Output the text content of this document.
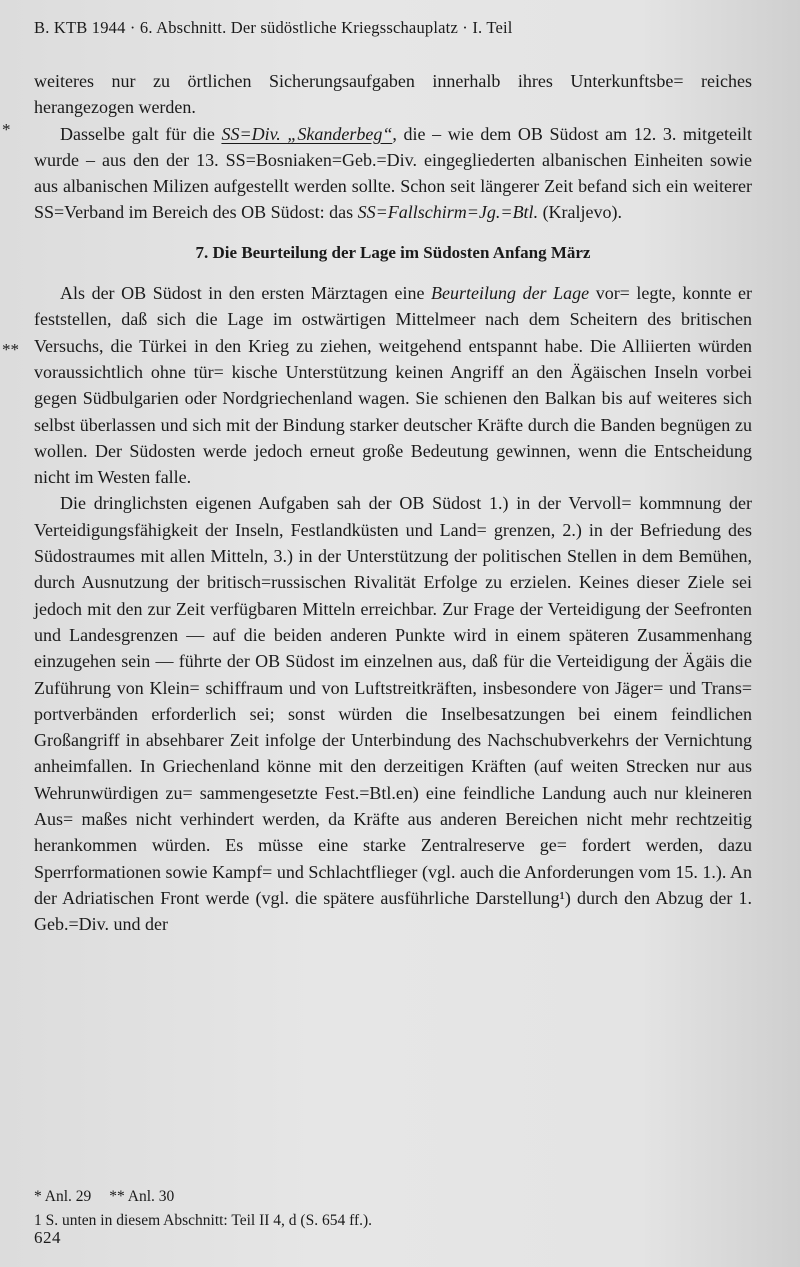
B. KTB 1944 · 6. Abschnitt. Der südöstliche Kriegsschauplatz · I. Teil
*
**

weiteres nur zu örtlichen Sicherungsaufgaben innerhalb ihres Unterkunftsbe= reiches herangezogen werden.

Dasselbe galt für die SS=Div. „Skanderbeg“, die – wie dem OB Südost am 12. 3. mitgeteilt wurde – aus den der 13. SS=Bosniaken=Geb.=Div. eingegliederten albanischen Einheiten sowie aus albanischen Milizen aufgestellt werden sollte. Schon seit längerer Zeit befand sich ein weiterer SS=Verband im Bereich des OB Südost: das SS=Fallschirm=Jg.=Btl. (Kraljevo).

7. Die Beurteilung der Lage im Südosten Anfang März

Als der OB Südost in den ersten Märztagen eine Beurteilung der Lage vor= legte, konnte er feststellen, daß sich die Lage im ostwärtigen Mittelmeer nach dem Scheitern des britischen Versuchs, die Türkei in den Krieg zu ziehen, weitgehend entspannt habe. Die Alliierten würden voraussichtlich ohne tür= kische Unterstützung keinen Angriff an den Ägäischen Inseln vorbei gegen Südbulgarien oder Nordgriechenland wagen. Sie schienen den Balkan bis auf weiteres sich selbst überlassen und sich mit der Bindung starker deutscher Kräfte durch die Banden begnügen zu wollen. Der Südosten werde jedoch erneut große Bedeutung gewinnen, wenn die Entscheidung nicht im Westen falle.

Die dringlichsten eigenen Aufgaben sah der OB Südost 1.) in der Vervoll= kommnung der Verteidigungsfähigkeit der Inseln, Festlandküsten und Land= grenzen, 2.) in der Befriedung des Südostraumes mit allen Mitteln, 3.) in der Unterstützung der politischen Stellen in dem Bemühen, durch Ausnutzung der britisch=russischen Rivalität Erfolge zu erzielen. Keines dieser Ziele sei jedoch mit den zur Zeit verfügbaren Mitteln erreichbar. Zur Frage der Verteidigung der Seefronten und Landesgrenzen — auf die beiden anderen Punkte wird in einem späteren Zusammenhang einzugehen sein — führte der OB Südost im einzelnen aus, daß für die Verteidigung der Ägäis die Zuführung von Klein= schiffraum und von Luftstreitkräften, insbesondere von Jäger= und Trans= portverbänden erforderlich sei; sonst würden die Inselbesatzungen bei einem feindlichen Großangriff in absehbarer Zeit infolge der Unterbindung des Nachschubverkehrs der Vernichtung anheimfallen. In Griechenland könne mit den derzeitigen Kräften (auf weiten Strecken nur aus Wehrunwürdigen zu= sammengesetzte Fest.=Btl.en) eine feindliche Landung auch nur kleineren Aus= maßes nicht verhindert werden, da Kräfte aus anderen Bereichen nicht mehr rechtzeitig herankommen würden. Es müsse eine starke Zentralreserve ge= fordert werden, dazu Sperrformationen sowie Kampf= und Schlachtflieger (vgl. auch die Anforderungen vom 15. 1.). An der Adriatischen Front werde (vgl. die spätere ausführliche Darstellung¹) durch den Abzug der 1. Geb.=Div. und der

* Anl. 29 ** Anl. 30
1 S. unten in diesem Abschnitt: Teil II 4, d (S. 654 ff.).
624
